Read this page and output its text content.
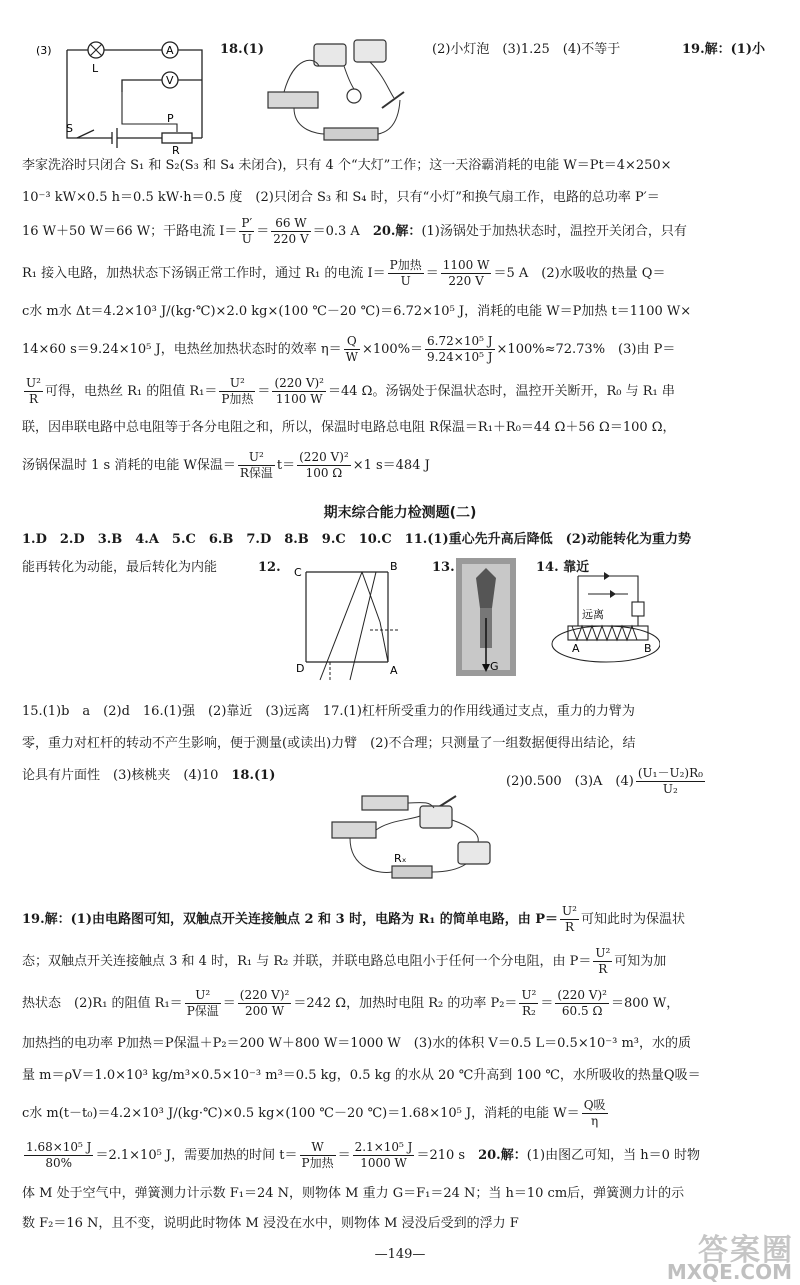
(3)
L
A
V
S
P
R
18.(1)	(2)小灯泡　(3)1.25　(4)不等于　	19.解：(1)小
李家洗浴时只闭合 S₁ 和 S₂(S₃ 和 S₄ 未闭合)，只有 4 个“大灯”工作；这一天浴霸消耗的电能 W＝Pt＝4×250×
10⁻³ kW×0.5 h＝0.5 kW·h＝0.5 度　(2)只闭合 S₃ 和 S₄ 时，只有“小灯”和换气扇工作，电路的总功率 P′＝
16 W＋50 W＝66 W；干路电流 $I= \frac{P'}{U} = \frac{66 W}{220 V} =0.3$ A　20.解：(1)汤锅处于加热状态时，温控开关闭合，只有
R₁ 接入电路，加热状态下汤锅正常工作时，通过 R₁ 的电流 $I= \frac{\text{P加热}}{U} = \frac{1100 W}{220 V} =5$ A　(2)水吸收的热量 Q＝
c水 m水 Δt＝4.2×10³ J/(kg·℃)×2.0 kg×(100 ℃－20 ℃)＝6.72×10⁵ J，消耗的电能 W＝P加热 t＝1100 W×
14×60 s＝9.24×10⁵ J，电热丝加热状态时的效率 $\eta= \frac{Q}{W} \times 100\%= \frac{\text{6.72×10⁵ J}}{\text{9.24×10⁵ J}} \times 100\%\approx 72.73\%$　(3)由 P＝
$\frac{\text{U²}}{R}$ 可得，电热丝 R₁ 的阻值 $R_1= \frac{\text{U²}}{\text{P加热}} = \frac{\text{(220 V)²}}{1100 W} =44$ Ω。汤锅处于保温状态时，温控开关断开，R₀ 与 R₁ 串
联，因串联电路中总电阻等于各分电阻之和，所以，保温时电路总电阻 R保温＝R₁＋R₀＝44 Ω＋56 Ω＝100 Ω，
汤锅保温时 1 s 消耗的电能 W保温＝ $\frac{\text{U²}}{\text{R保温}} t= \frac{\text{(220 V)²}}{100 \Omega} \times 1$ s＝484 J
期末综合能力检测题(二)
1.D　2.D　3.B　4.A　5.C　6.B　7.D　8.B　9.C　10.C　11.(1)重心先升高后降低　(2)动能转化为重力势
能再转化为动能，最后转化为内能　	12.	C	B
D	A
13.
G
14. 靠近
远离
A	B
15.(1)b　a　(2)d　16.(1)强　(2)靠近　(3)远离　17.(1)杠杆所受重力的作用线通过支点，重力的力臂为
零，重力对杠杆的转动不产生影响，便于测量(或读出)力臂　(2)不合理；只测量了一组数据便得出结论，结
论具有片面性　(3)核桃夹　(4)10　18.(1)	(2)0.500　(3)A　$(4) \frac{\text{(U₁－U₂)R₀}}{\text{U₂}}$
Rₓ
19.解：(1)由电路图可知，双触点开关连接触点 2 和 3 时，电路为 R₁ 的简单电路，由 $P= \frac{\text{U²}}{R}$ 可知此时为保温状
态；双触点开关连接触点 3 和 4 时，R₁ 与 R₂ 并联，并联电路总电阻小于任何一个分电阻，由 $P= \frac{\text{U²}}{R}$ 可知为加
热状态　(2)R₁ 的阻值 $R_1= \frac{\text{U²}}{\text{P保温}} = \frac{\text{(220 V)²}}{200 W} =242$ Ω，加热时电阻 R₂ 的功率 $P_2= \frac{\text{U²}}{\text{R₂}} = \frac{\text{(220 V)²}}{60.5 \Omega} =800$ W，
加热挡的电功率 P加热＝P保温＋P₂＝200 W＋800 W＝1000 W　(3)水的体积 V＝0.5 L＝0.5×10⁻³ m³，水的质
量 m＝ρV＝1.0×10³ kg/m³×0.5×10⁻³ m³＝0.5 kg，0.5 kg 的水从 20 ℃升高到 100 ℃，水所吸收的热量Q吸＝
c水 m(t－t₀)＝4.2×10³ J/(kg·℃)×0.5 kg×(100 ℃－20 ℃)＝1.68×10⁵ J，消耗的电能 $W= \frac{\text{Q吸}}{\eta}$
$\frac{\text{1.68×10⁵ J}}{80\%} =2.1\times 10^5$ J，需要加热的时间 $t= \frac{W}{\text{P加热}} = \frac{\text{2.1×10⁵ J}}{1000 W} =210$ s　20.解：(1)由图乙可知，当 h＝0 时物
体 M 处于空气中，弹簧测力计示数 F₁＝24 N，则物体 M 重力 G＝F₁＝24 N；当 h＝10 cm后，弹簧测力计的示
数 F₂＝16 N，且不变，说明此时物体 M 浸没在水中，则物体 M 浸没后受到的浮力 F
—149—	答案圈
MXQE.COM
